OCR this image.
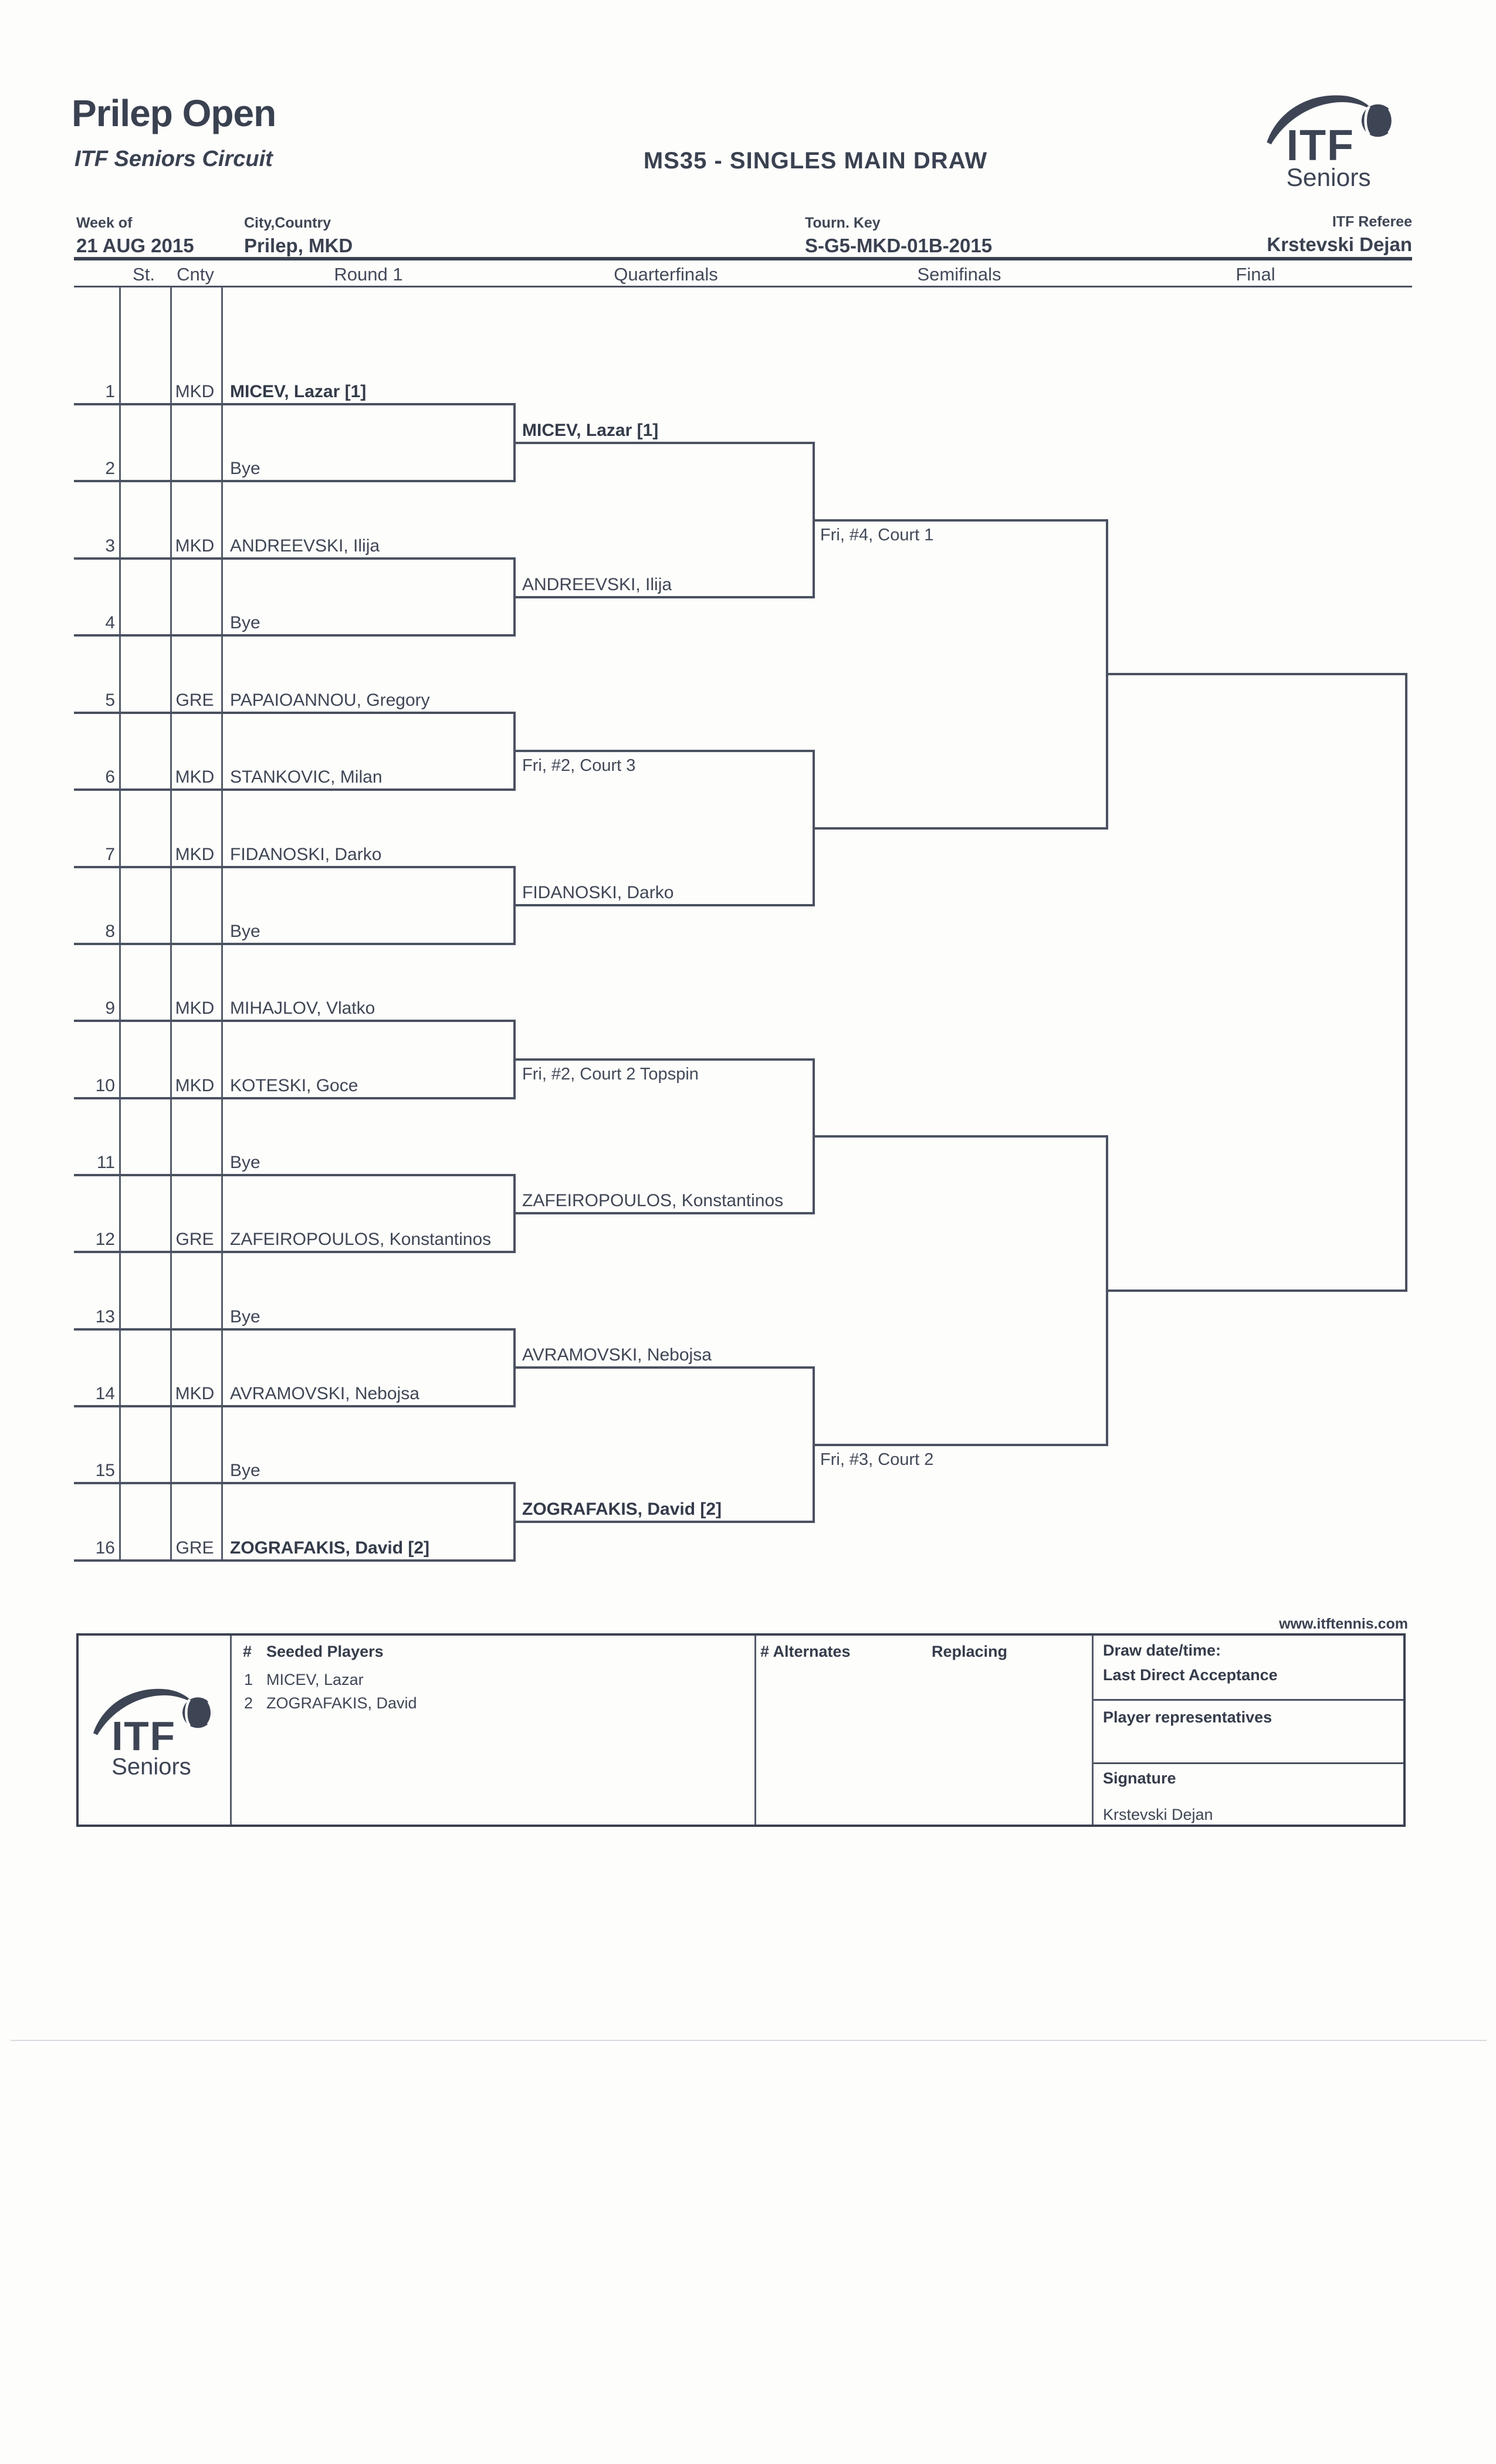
Prilep Open
ITF Seniors Circuit	MS35 - SINGLES MAIN DRAW	ITF
Seniors
Week of
21 AUG 2015
City,Country
Prilep, MKD
Tourn. Key
S-G5-MKD-01B-2015
ITF Referee
Krstevski Dejan
St. Cnty	Round 1	Quarterfinals	Semifinals	Final
1	MKD MICEV, Lazar [1]
2	Bye
3	MKD ANDREEVSKI, Ilija
4	Bye
5	GRE PAPAIOANNOU, Gregory
6	MKD STANKOVIC, Milan
7	MKD FIDANOSKI, Darko
8	Bye
9	MKD MIHAJLOV, Vlatko
10	MKD KOTESKI, Goce
11	Bye
12	GRE ZAFEIROPOULOS, Konstantinos
13	Bye
14	MKD AVRAMOVSKI, Nebojsa
15	Bye
16	GRE ZOGRAFAKIS, David [2]
MICEV, Lazar [1]
ANDREEVSKI, Ilija
Fri, #2, Court 3
FIDANOSKI, Darko
Fri, #2, Court 2 Topspin
ZAFEIROPOULOS, Konstantinos
AVRAMOVSKI, Nebojsa
ZOGRAFAKIS, David [2]
Fri, #4, Court 1
Fri, #3, Court 2
www.itftennis.com
ITF
Seniors
# Seeded Players
1 MICEV, Lazar
2 ZOGRAFAKIS, David
# Alternates	Replacing	Draw date/time:
Last Direct Acceptance
Player representatives
Signature
Krstevski Dejan
